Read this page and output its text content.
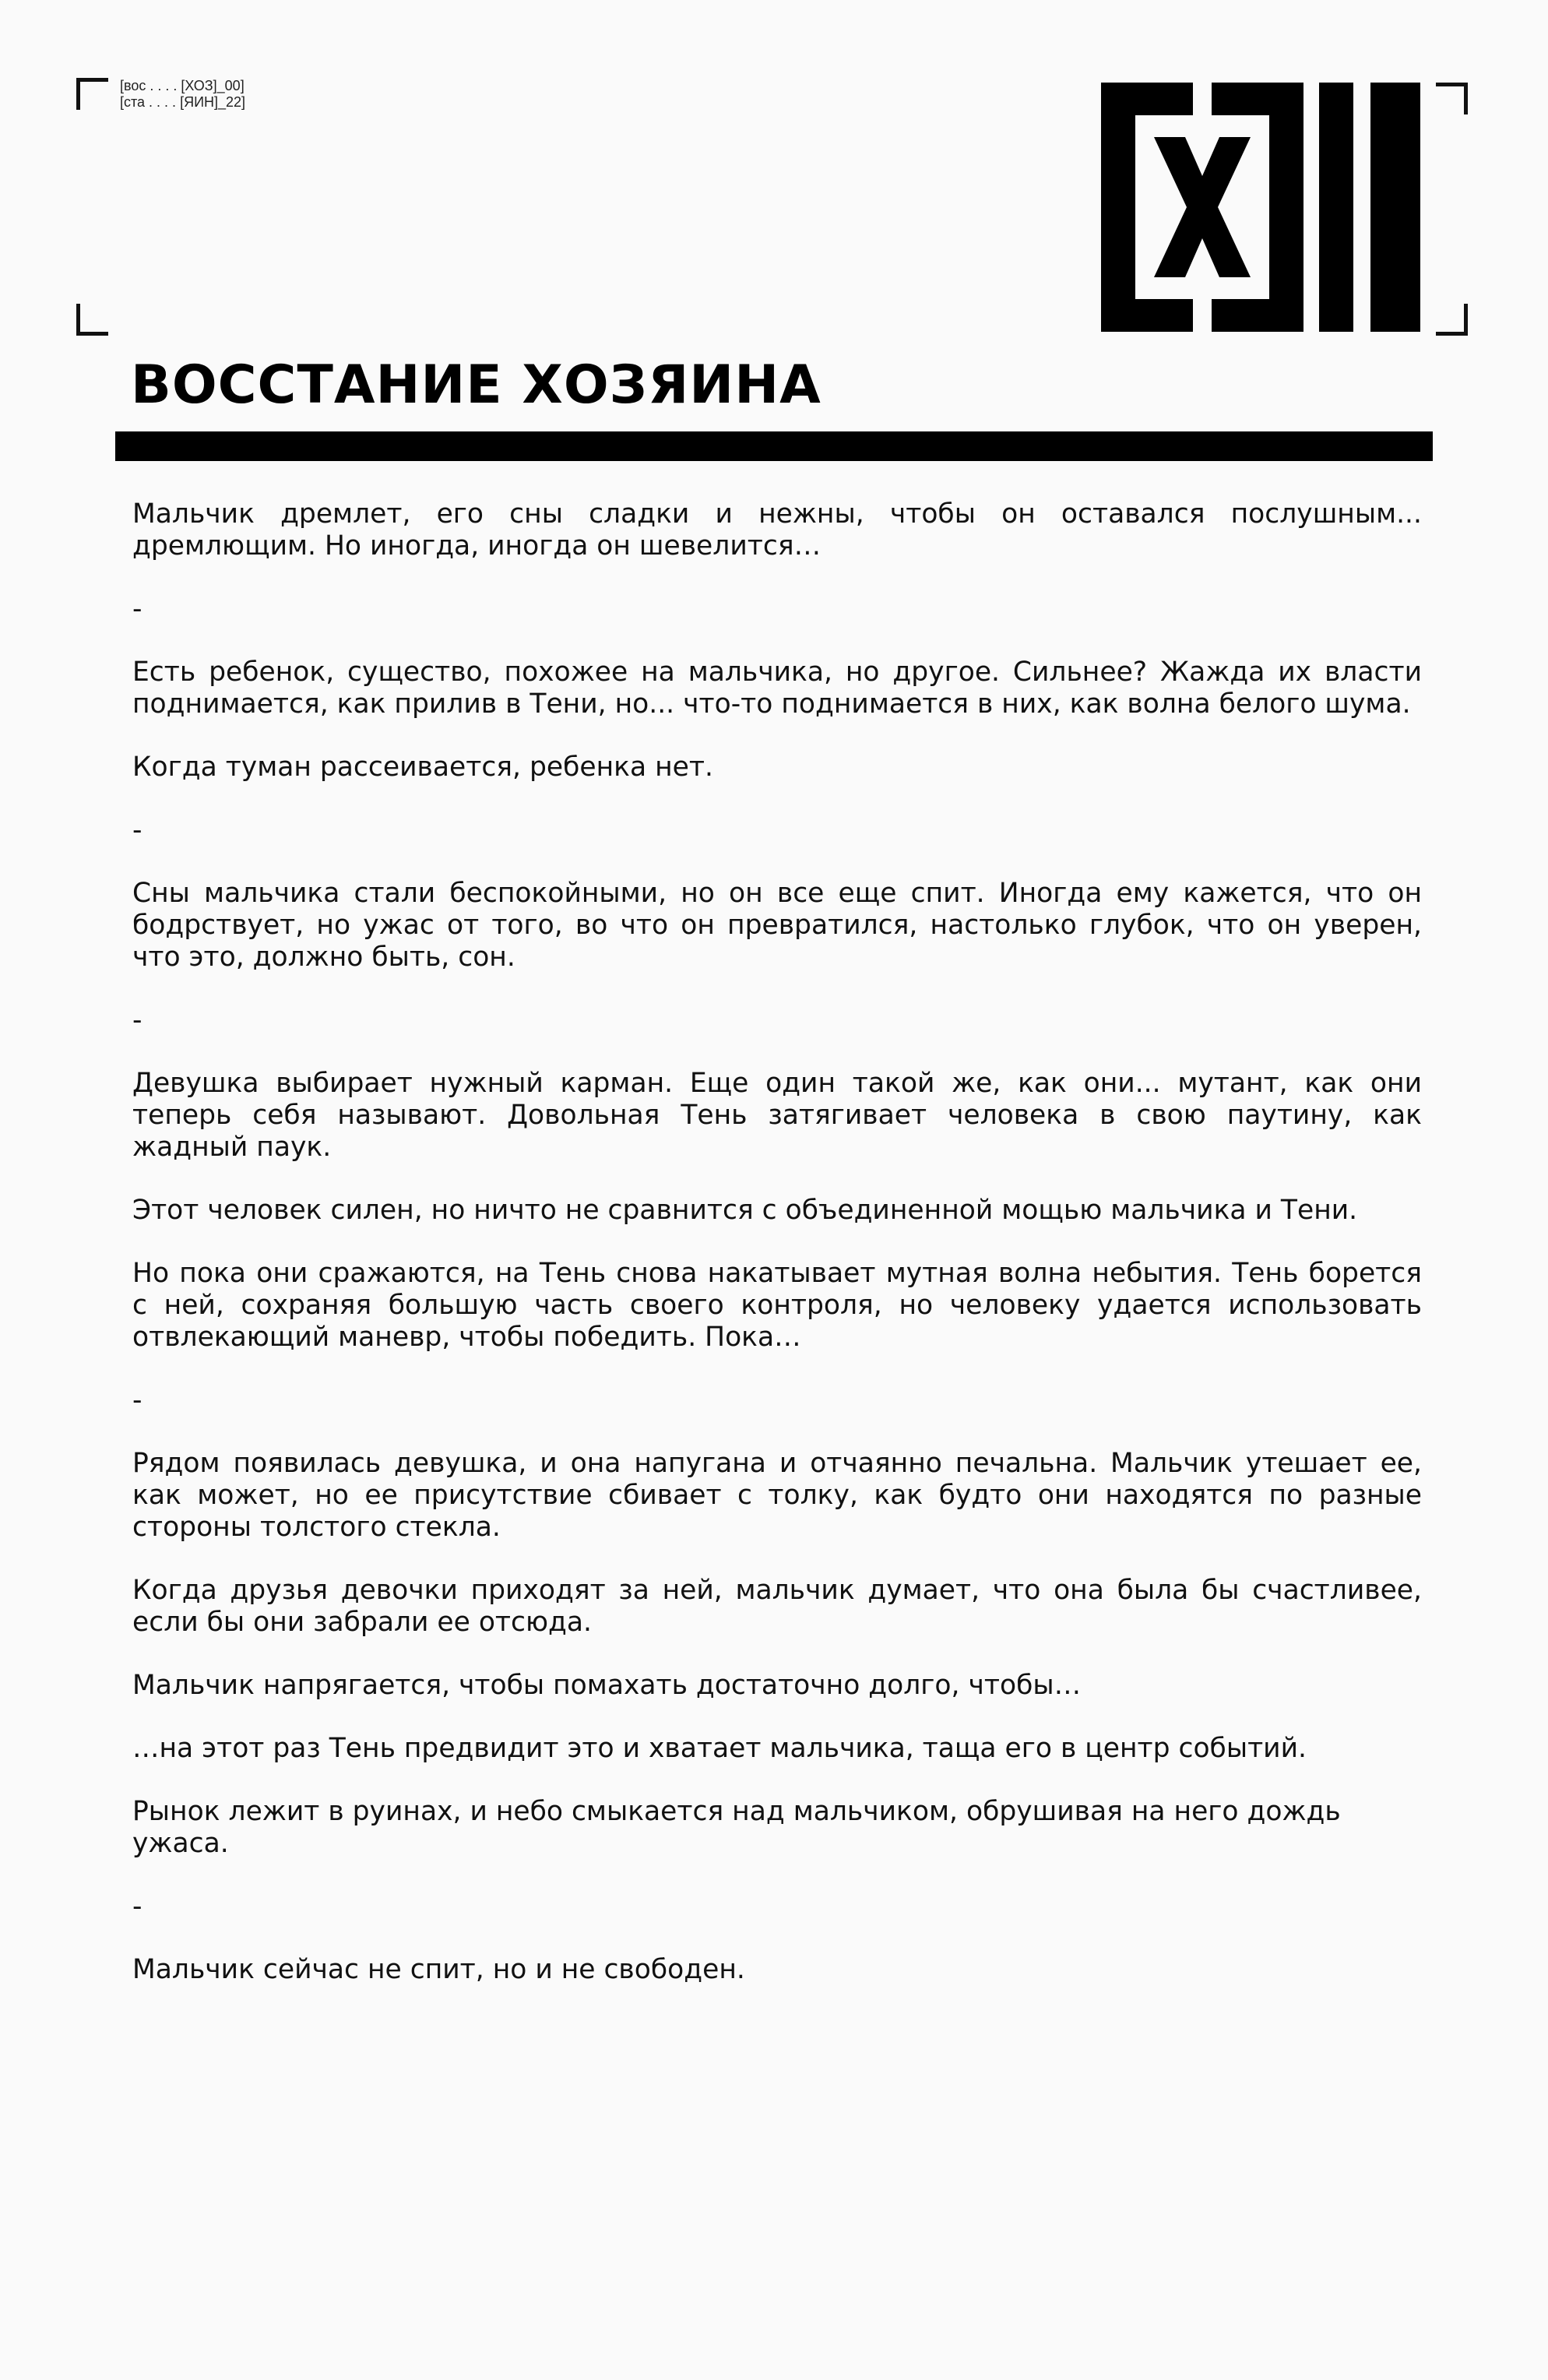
[вос . . . . [ХОЗ]_00]
[ста . . . . [ЯИН]_22]
ВОССТАНИЕ ХОЗЯИНА

Мальчик дремлет, его сны сладки и нежны, чтобы он оставался послушным... дремлющим. Но иногда, иногда он шевелится…

-

Есть ребенок, существо, похожее на мальчика, но другое. Сильнее? Жажда их власти поднимается, как прилив в Тени, но... что-то поднимается в них, как волна белого шума.

Когда туман рассеивается, ребенка нет.

-

Сны мальчика стали беспокойными, но он все еще спит. Иногда ему кажется, что он бодрствует, но ужас от того, во что он превратился, настолько глубок, что он уверен, что это, должно быть, сон.

-

Девушка выбирает нужный карман. Еще один такой же, как они... мутант, как они теперь себя называют. Довольная Тень затягивает человека в свою паутину, как жадный паук.

Этот человек силен, но ничто не сравнится с объединенной мощью мальчика и Тени.

Но пока они сражаются, на Тень снова накатывает мутная волна небытия. Тень борется с ней, сохраняя большую часть своего контроля, но человеку удается использовать отвлекающий маневр, чтобы победить. Пока…

-

Рядом появилась девушка, и она напугана и отчаянно печальна. Мальчик утешает ее, как может, но ее присутствие сбивает с толку, как будто они находятся по разные стороны толстого стекла.

Когда друзья девочки приходят за ней, мальчик думает, что она была бы счастливее, если бы они забрали ее отсюда.

Мальчик напрягается, чтобы помахать достаточно долго, чтобы…

…на этот раз Тень предвидит это и хватает мальчика, таща его в центр событий.

Рынок лежит в руинах, и небо смыкается над мальчиком, обрушивая на него дождь ужаса.

-

Мальчик сейчас не спит, но и не свободен.
